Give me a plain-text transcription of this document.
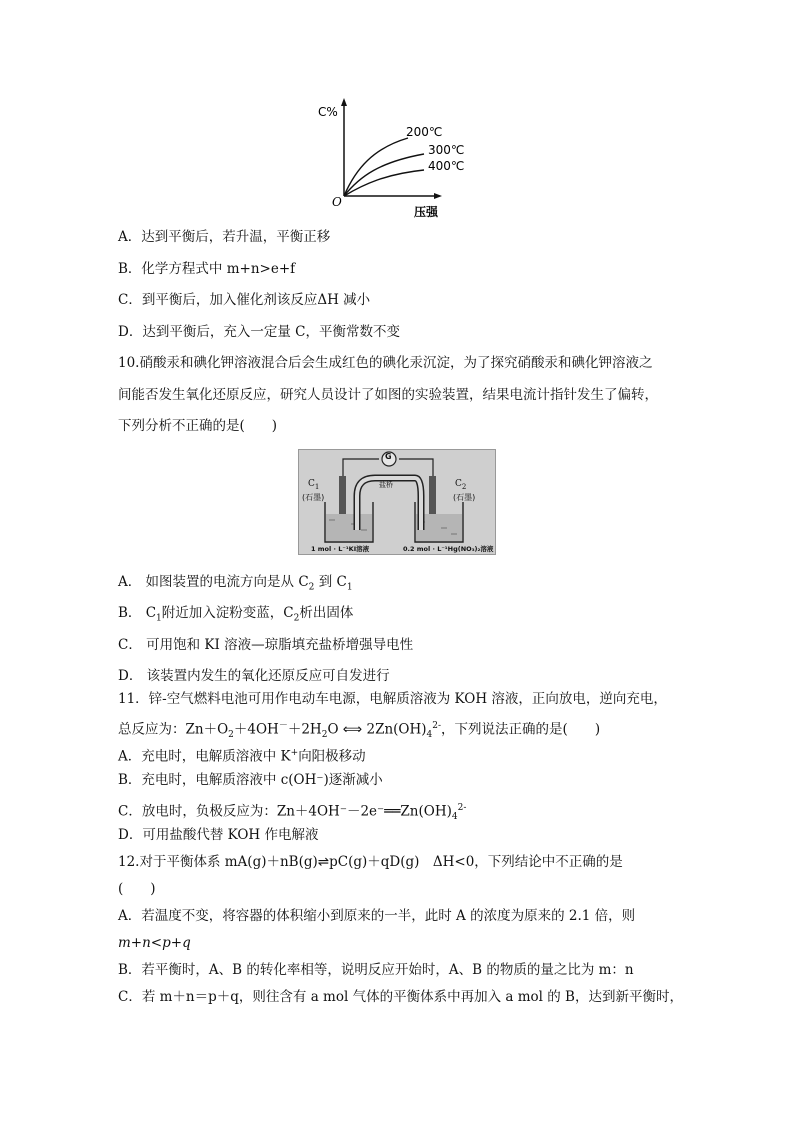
C%
O
压强
200℃
300℃
400℃
A．达到平衡后，若升温，平衡正移
B．化学方程式中 m+n>e+f
C．到平衡后，加入催化剂该反应ΔH 减小
D．达到平衡后，充入一定量 C，平衡常数不变
10.硝酸汞和碘化钾溶液混合后会生成红色的碘化汞沉淀，为了探究硝酸汞和碘化钾溶液之
间能否发生氧化还原反应，研究人员设计了如图的实验装置，结果电流计指针发生了偏转，
下列分析不正确的是(　　)
G
$C_1$
(石墨)
$C_2$
(石墨)
盐桥
1 mol · L⁻¹KI溶液	0.2 mol · L⁻¹Hg(NO₃)₂溶液
A． 如图装置的电流方向是从 $C_2$ 到 $C_1$
B． $C_1$附近加入淀粉变蓝，$C_2$析出固体
C． 可用饱和 KI 溶液—琼脂填充盐桥增强导电性
D． 该装置内发生的氧化还原反应可自发进行
11．锌-空气燃料电池可用作电动车电源，电解质溶液为 KOH 溶液，正向放电，逆向充电，
总反应为：$Zn+O_2+4OH^-+2H_2O$ ⟺ $2Zn(OH)_4^{2-}$，下列说法正确的是(　　)
A．充电时，电解质溶液中 K+向阳极移动
B．充电时，电解质溶液中 c(OH⁻)逐渐减小
C．放电时，负极反应为：$Zn+4OH^--2e^-══Zn(OH)_4^{2-}$
D．可用盐酸代替 KOH 作电解液
12.对于平衡体系 mA(g)＋nB(g)⇌pC(g)＋qD(g)　ΔH<0，下列结论中不正确的是
(　　)
A．若温度不变，将容器的体积缩小到原来的一半，此时 A 的浓度为原来的 2.1 倍，则
m+n<p+q
B．若平衡时，A、B 的转化率相等，说明反应开始时，A、B 的物质的量之比为 m：n
C．若 m＋n＝p＋q，则往含有 a mol 气体的平衡体系中再加入 a mol 的 B，达到新平衡时，
